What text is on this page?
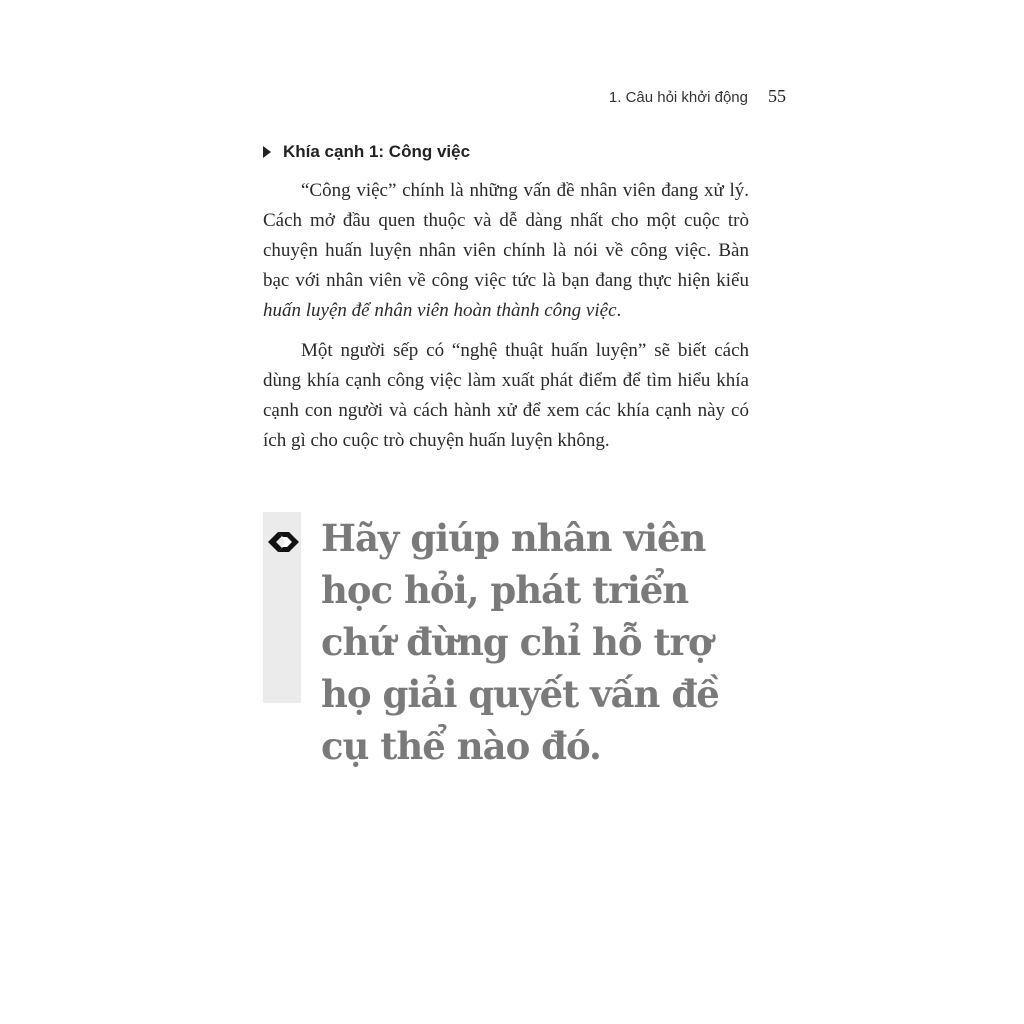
1. Câu hỏi khởi động 55
Khía cạnh 1: Công việc

“Công việc” chính là những vấn đề nhân viên đang xử lý. Cách mở đầu quen thuộc và dễ dàng nhất cho một cuộc trò chuyện huấn luyện nhân viên chính là nói về công việc. Bàn bạc với nhân viên về công việc tức là bạn đang thực hiện kiểu huấn luyện để nhân viên hoàn thành công việc.

Một người sếp có “nghệ thuật huấn luyện” sẽ biết cách dùng khía cạnh công việc làm xuất phát điểm để tìm hiểu khía cạnh con người và cách hành xử để xem các khía cạnh này có ích gì cho cuộc trò chuyện huấn luyện không.

Hãy giúp nhân viên học hỏi, phát triển chứ đừng chỉ hỗ trợ họ giải quyết vấn đề cụ thể nào đó.
